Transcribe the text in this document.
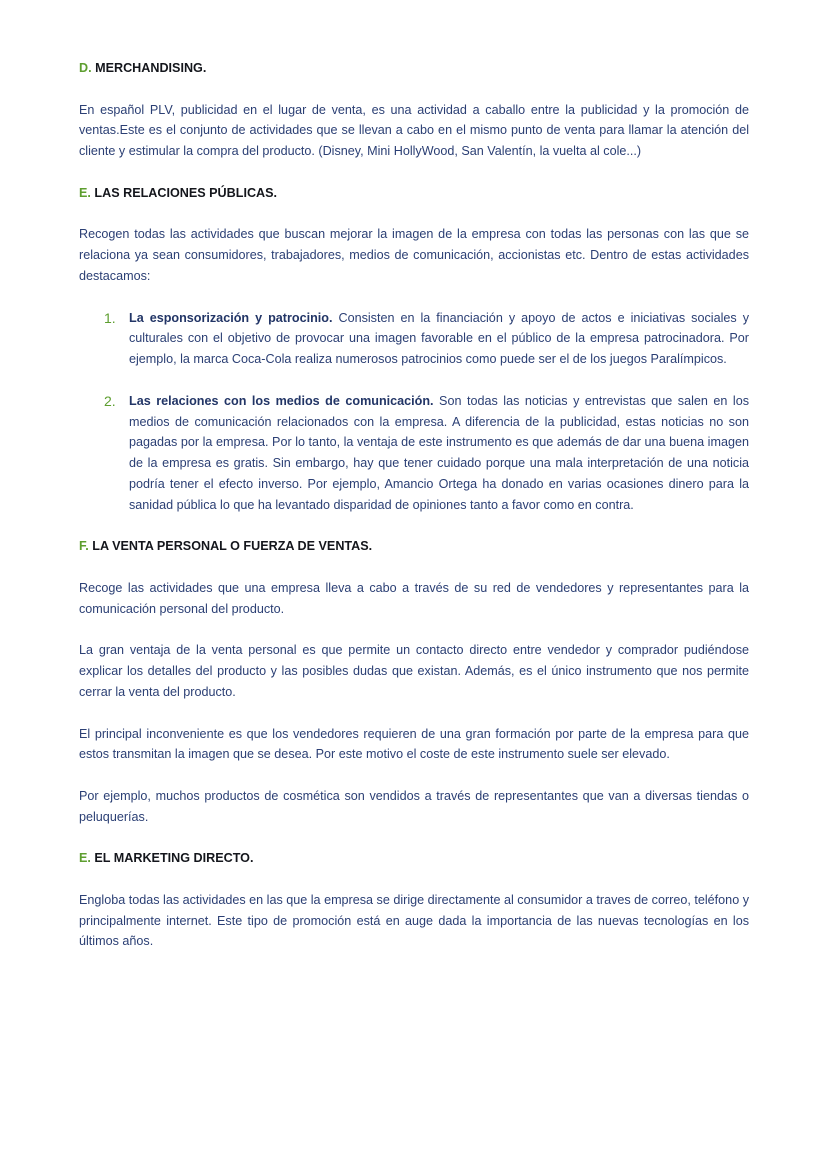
D. MERCHANDISING.

En español PLV, publicidad en el lugar de venta, es una actividad a caballo entre la publicidad y la promoción de ventas.Este es el conjunto de actividades que se llevan a cabo en el mismo punto de venta para llamar la atención del cliente y estimular la compra del producto. (Disney, Mini HollyWood, San Valentín, la vuelta al cole...)

E. LAS RELACIONES PÚBLICAS.

Recogen todas las actividades que buscan mejorar la imagen de la empresa con todas las personas con las que se relaciona ya sean consumidores, trabajadores, medios de comunicación, accionistas etc. Dentro de estas actividades destacamos:

1. La esponsorización y patrocinio. Consisten en la financiación y apoyo de actos e iniciativas sociales y culturales con el objetivo de provocar una imagen favorable en el público de la empresa patrocinadora. Por ejemplo, la marca Coca-Cola realiza numerosos patrocinios como puede ser el de los juegos Paralímpicos.
2. Las relaciones con los medios de comunicación. Son todas las noticias y entrevistas que salen en los medios de comunicación relacionados con la empresa. A diferencia de la publicidad, estas noticias no son pagadas por la empresa. Por lo tanto, la ventaja de este instrumento es que además de dar una buena imagen de la empresa es gratis. Sin embargo, hay que tener cuidado porque una mala interpretación de una noticia podría tener el efecto inverso. Por ejemplo, Amancio Ortega ha donado en varias ocasiones dinero para la sanidad pública lo que ha levantado disparidad de opiniones tanto a favor como en contra.
F. LA VENTA PERSONAL O FUERZA DE VENTAS.

Recoge las actividades que una empresa lleva a cabo a través de su red de vendedores y representantes para la comunicación personal del producto.

La gran ventaja de la venta personal es que permite un contacto directo entre vendedor y comprador pudiéndose explicar los detalles del producto y las posibles dudas que existan. Además, es el único instrumento que nos permite cerrar la venta del producto.

El principal inconveniente es que los vendedores requieren de una gran formación por parte de la empresa para que estos transmitan la imagen que se desea. Por este motivo el coste de este instrumento suele ser elevado.

Por ejemplo, muchos productos de cosmética son vendidos a través de representantes que van a diversas tiendas o peluquerías.

E. EL MARKETING DIRECTO.

Engloba todas las actividades en las que la empresa se dirige directamente al consumidor a traves de correo, teléfono y principalmente internet. Este tipo de promoción está en auge dada la importancia de las nuevas tecnologías en los últimos años.
